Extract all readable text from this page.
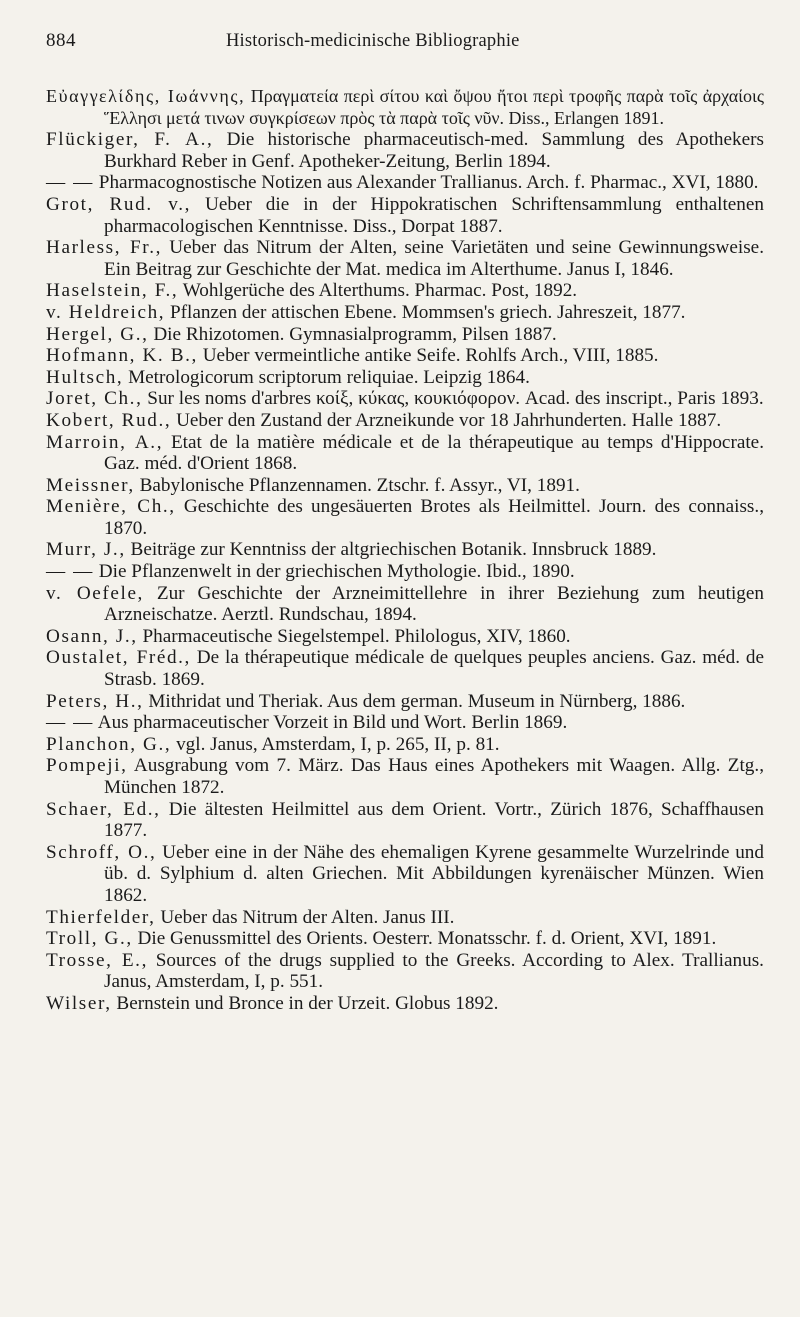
884	Historisch-medicinische Bibliographie

Εὐαγγελίδης, Ιωάννης, Πραγματεία περὶ σίτου καὶ ὄψου ἤτοι περὶ τροφῆς παρὰ τοῖς ἀρχαίοις Ἕλλησι μετά τινων συγκρίσεων πρὸς τὰ παρὰ τοῖς νῦν. Diss., Erlangen 1891.

Flückiger, F. A., Die historische pharmaceutisch-med. Sammlung des Apothekers Burkhard Reber in Genf. Apotheker-Zeitung, Berlin 1894.

— — Pharmacognostische Notizen aus Alexander Trallianus. Arch. f. Pharmac., XVI, 1880.

Grot, Rud. v., Ueber die in der Hippokratischen Schriftensammlung enthaltenen pharmacologischen Kenntnisse. Diss., Dorpat 1887.

Harless, Fr., Ueber das Nitrum der Alten, seine Varietäten und seine Gewinnungsweise. Ein Beitrag zur Geschichte der Mat. medica im Alterthume. Janus I, 1846.

Haselstein, F., Wohlgerüche des Alterthums. Pharmac. Post, 1892.

v. Heldreich, Pflanzen der attischen Ebene. Mommsen's griech. Jahreszeit, 1877.

Hergel, G., Die Rhizotomen. Gymnasialprogramm, Pilsen 1887.

Hofmann, K. B., Ueber vermeintliche antike Seife. Rohlfs Arch., VIII, 1885.

Hultsch, Metrologicorum scriptorum reliquiae. Leipzig 1864.

Joret, Ch., Sur les noms d'arbres κοίξ, κύκας, κουκιόφορον. Acad. des inscript., Paris 1893.

Kobert, Rud., Ueber den Zustand der Arzneikunde vor 18 Jahrhunderten. Halle 1887.

Marroin, A., Etat de la matière médicale et de la thérapeutique au temps d'Hippocrate. Gaz. méd. d'Orient 1868.

Meissner, Babylonische Pflanzennamen. Ztschr. f. Assyr., VI, 1891.

Menière, Ch., Geschichte des ungesäuerten Brotes als Heilmittel. Journ. des connaiss., 1870.

Murr, J., Beiträge zur Kenntniss der altgriechischen Botanik. Innsbruck 1889.

— — Die Pflanzenwelt in der griechischen Mythologie. Ibid., 1890.

v. Oefele, Zur Geschichte der Arzneimittellehre in ihrer Beziehung zum heutigen Arzneischatze. Aerztl. Rundschau, 1894.

Osann, J., Pharmaceutische Siegelstempel. Philologus, XIV, 1860.

Oustalet, Fréd., De la thérapeutique médicale de quelques peuples anciens. Gaz. méd. de Strasb. 1869.

Peters, H., Mithridat und Theriak. Aus dem german. Museum in Nürnberg, 1886.

— — Aus pharmaceutischer Vorzeit in Bild und Wort. Berlin 1869.

Planchon, G., vgl. Janus, Amsterdam, I, p. 265, II, p. 81.

Pompeji, Ausgrabung vom 7. März. Das Haus eines Apothekers mit Waagen. Allg. Ztg., München 1872.

Schaer, Ed., Die ältesten Heilmittel aus dem Orient. Vortr., Zürich 1876, Schaffhausen 1877.

Schroff, O., Ueber eine in der Nähe des ehemaligen Kyrene gesammelte Wurzelrinde und üb. d. Sylphium d. alten Griechen. Mit Abbildungen kyrenäischer Münzen. Wien 1862.

Thierfelder, Ueber das Nitrum der Alten. Janus III.

Troll, G., Die Genussmittel des Orients. Oesterr. Monatsschr. f. d. Orient, XVI, 1891.

Trosse, E., Sources of the drugs supplied to the Greeks. According to Alex. Trallianus. Janus, Amsterdam, I, p. 551.

Wilser, Bernstein und Bronce in der Urzeit. Globus 1892.
